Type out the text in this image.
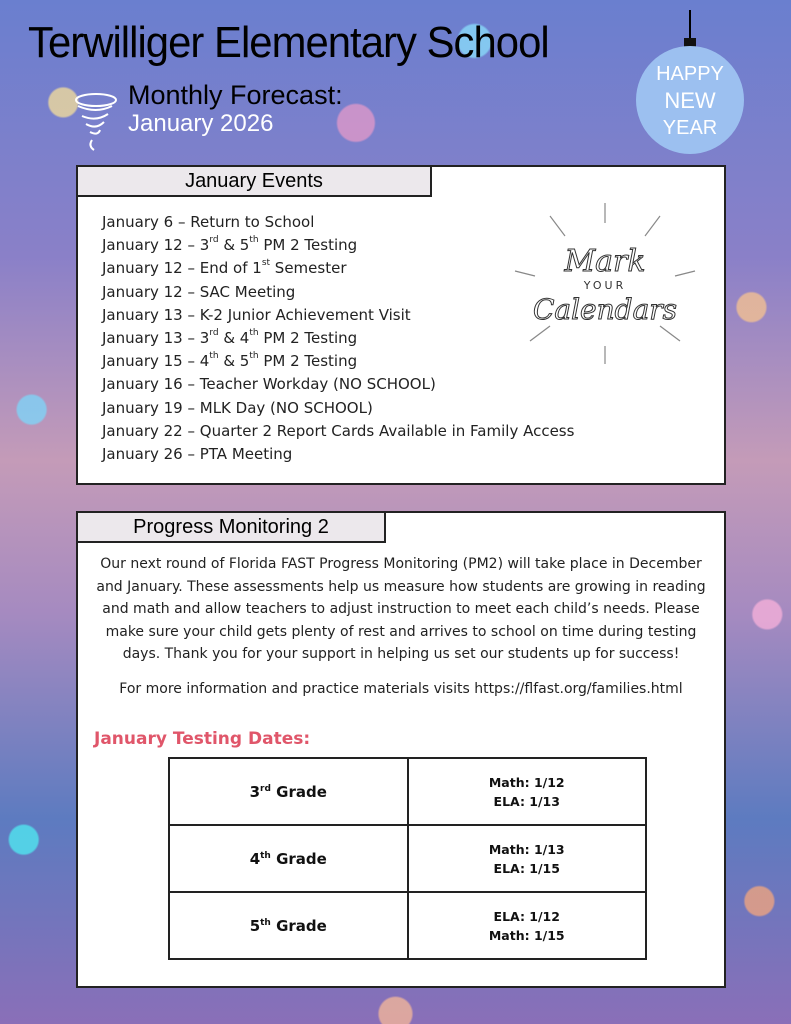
Terwilliger Elementary School
Monthly Forecast:
January 2026
HAPPY
NEW
YEAR
January Events
January 6 – Return to School
January 12 – 3rd & 5th PM 2 Testing
January 12 – End of 1st Semester
January 12 – SAC Meeting
January 13 – K-2 Junior Achievement Visit
January 13 – 3rd & 4th PM 2 Testing
January 15 – 4th & 5th PM 2 Testing
January 16 – Teacher Workday (NO SCHOOL)
January 19 – MLK Day (NO SCHOOL)
January 22 – Quarter 2 Report Cards Available in Family Access
January 26 – PTA Meeting
Mark
YOUR
Calendars
Progress Monitoring 2

Our next round of Florida FAST Progress Monitoring (PM2) will take place in December and January. These assessments help us measure how students are growing in reading and math and allow teachers to adjust instruction to meet each child’s needs. Please make sure your child gets plenty of rest and arrives to school on time during testing days. Thank you for your support in helping us set our students up for success!

For more information and practice materials visits https://flfast.org/families.html

January Testing Dates:
3rd Grade	Math: 1/12
ELA: 1/13

4th Grade	Math: 1/13
ELA: 1/15

5th Grade	ELA: 1/12
Math: 1/15
